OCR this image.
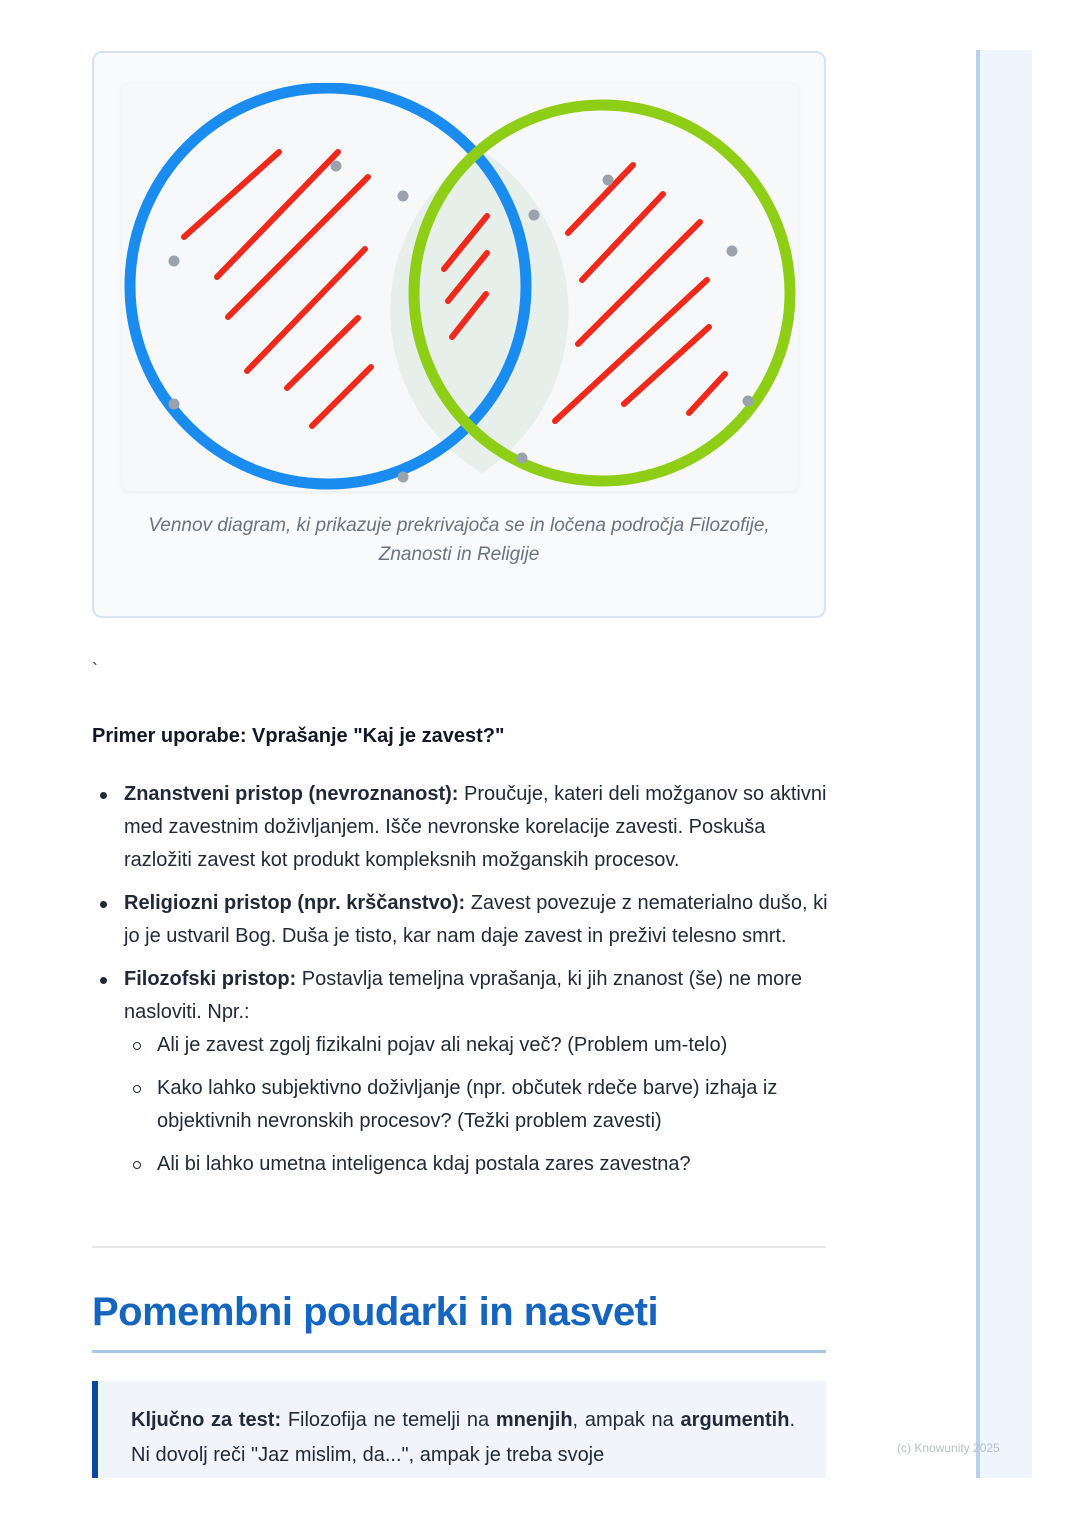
(c) Knowunity 2025
Vennov diagram, ki prikazuje prekrivajoča se in ločena področja Filozofije, Znanosti in Religije
`
Primer uporabe: Vprašanje "Kaj je zavest?"
Znanstveni pristop (nevroznanost): Proučuje, kateri deli možganov so aktivni med zavestnim doživljanjem. Išče nevronske korelacije zavesti. Poskuša razložiti zavest kot produkt kompleksnih možganskih procesov.
Religiozni pristop (npr. krščanstvo): Zavest povezuje z nematerialno dušo, ki jo je ustvaril Bog. Duša je tisto, kar nam daje zavest in preživi telesno smrt.
Filozofski pristop: Postavlja temeljna vprašanja, ki jih znanost (še) ne more nasloviti. Npr.:
Ali je zavest zgolj fizikalni pojav ali nekaj več? (Problem um-telo)
Kako lahko subjektivno doživljanje (npr. občutek rdeče barve) izhaja iz objektivnih nevronskih procesov? (Težki problem zavesti)
Ali bi lahko umetna inteligenca kdaj postala zares zavestna?
Pomembni poudarki in nasveti
Ključno za test: Filozofija ne temelji na mnenjih, ampak na argumentih. Ni dovolj reči "Jaz mislim, da...", ampak je treba svoje
